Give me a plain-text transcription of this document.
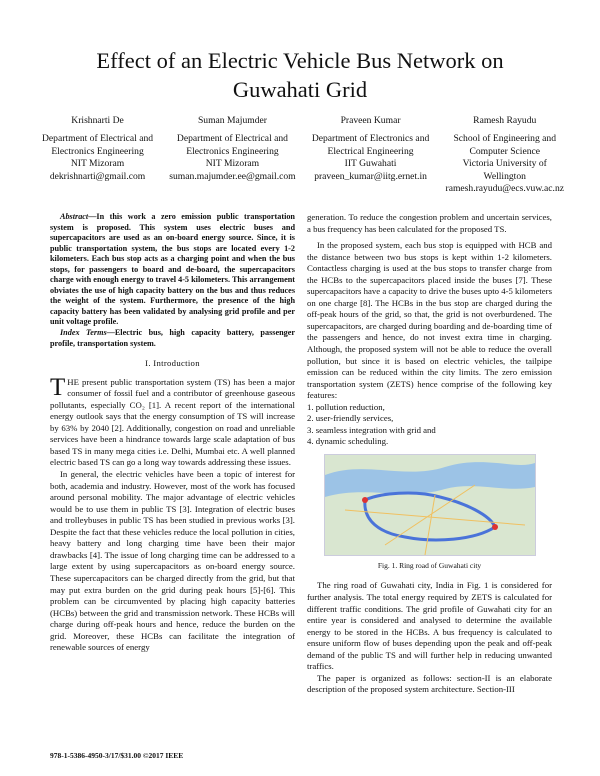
Effect of an Electric Vehicle Bus Network on
Guwahati Grid
Krishnarti De
Department of Electrical and
Electronics Engineering
NIT Mizoram
dekrishnarti@gmail.com
Suman Majumder
Department of Electrical and
Electronics Engineering
NIT Mizoram
suman.majumder.ee@gmail.com
Praveen Kumar
Department of Electronics and
Electrical Engineering
IIT Guwahati
praveen_kumar@iitg.ernet.in
Ramesh Rayudu
School of Engineering and
Computer Science
Victoria University of
Wellington
ramesh.rayudu@ecs.vuw.ac.nz

Abstract—In this work a zero emission public transportation system is proposed. This system uses electric buses and supercapacitors are used as an on-board energy source. Since, it is public transportation system, the bus stops are located every 1-2 kilometers. Each bus stop acts as a charging point and when the bus stops, for passengers to board and de-board, the supercapacitors charge with enough energy to travel 4-5 kilometers. This arrangement obviates the use of high capacity battery on the bus and thus reduces the weight of the system. Furthermore, the presence of the high capacity battery has been validated by analysing grid profile and per unit voltage profile.

Index Terms—Electric bus, high capacity battery, passenger profile, transportation system.

I. Introduction

THE present public transportation system (TS) has been a major consumer of fossil fuel and a contributor of greenhouse gaseous pollutants, especially CO₂ [1]. A recent report of the international energy outlook says that the energy consumption of TS will increase by 63% by 2040 [2]. Additionally, congestion on road and unreliable services have been a hindrance towards large scale adaptation of bus based TS in many mega cities i.e. Delhi, Mumbai etc. A well planned electric based TS can go a long way towards addressing these issues.

In general, the electric vehicles have been a topic of interest for both, academia and industry. However, most of the work has focused around personal mobility. The major advantage of electric vehicles would be to use them in public TS [3]. Integration of electric buses and trolleybuses in public TS has been studied in previous works [3]. Despite the fact that these vehicles reduce the local pollution in cities, heavy battery and long charging time have been their major drawbacks [4]. The issue of long charging time can be addressed to a large extent by using supercapacitors as on-board energy source. These supercapacitors can be charged directly from the grid, but that may put extra burden on the grid during peak hours [5]-[6]. This problem can be circumvented by placing high capacity batteries (HCBs) between the grid and transmission network. These HCBs will charge during off-peak hours and hence, reduce the burden on the grid. Moreover, these HCBs can facilitate the integration of renewable sources of energy

generation. To reduce the congestion problem and uncertain services, a bus frequency has been calculated for the proposed TS.

In the proposed system, each bus stop is equipped with HCB and the distance between two bus stops is kept within 1-2 kilometers. Contactless charging is used at the bus stops to transfer charge from the HCBs to the supercapacitors placed inside the buses [7]. These supercapacitors have a capacity to drive the buses upto 4-5 kilometers on one charge [8]. The HCBs in the bus stop are charged during the off-peak hours of the grid, so that, the grid is not overburdened. The supercapacitors, are charged during boarding and de-boarding time of the passengers and hence, do not invest extra time in charging. Although, the proposed system will not be able to reduce the overall pollution, but since it is based on electric vehicles, the tailpipe emission can be reduced within the city limits. The zero emission transportation system (ZETS) hence comprise of the following key features:

1. pollution reduction,
2. user-friendly services,
3. seamless integration with grid and
4. dynamic scheduling.
Fig. 1. Ring road of Guwahati city

The ring road of Guwahati city, India in Fig. 1 is considered for further analysis. The total energy required by ZETS is calculated for different traffic conditions. The grid profile of Guwahati city for an entire year is considered and analysed to determine the available energy to be stored in the HCBs. A bus frequency is calculated to ensure uniform flow of buses depending upon the peak and off-peak demand of the public TS and will further help in reducing unwanted traffics.

The paper is organized as follows: section-II is an elaborate description of the proposed system architecture. Section-III

978-1-5386-4950-3/17/$31.00 ©2017 IEEE
